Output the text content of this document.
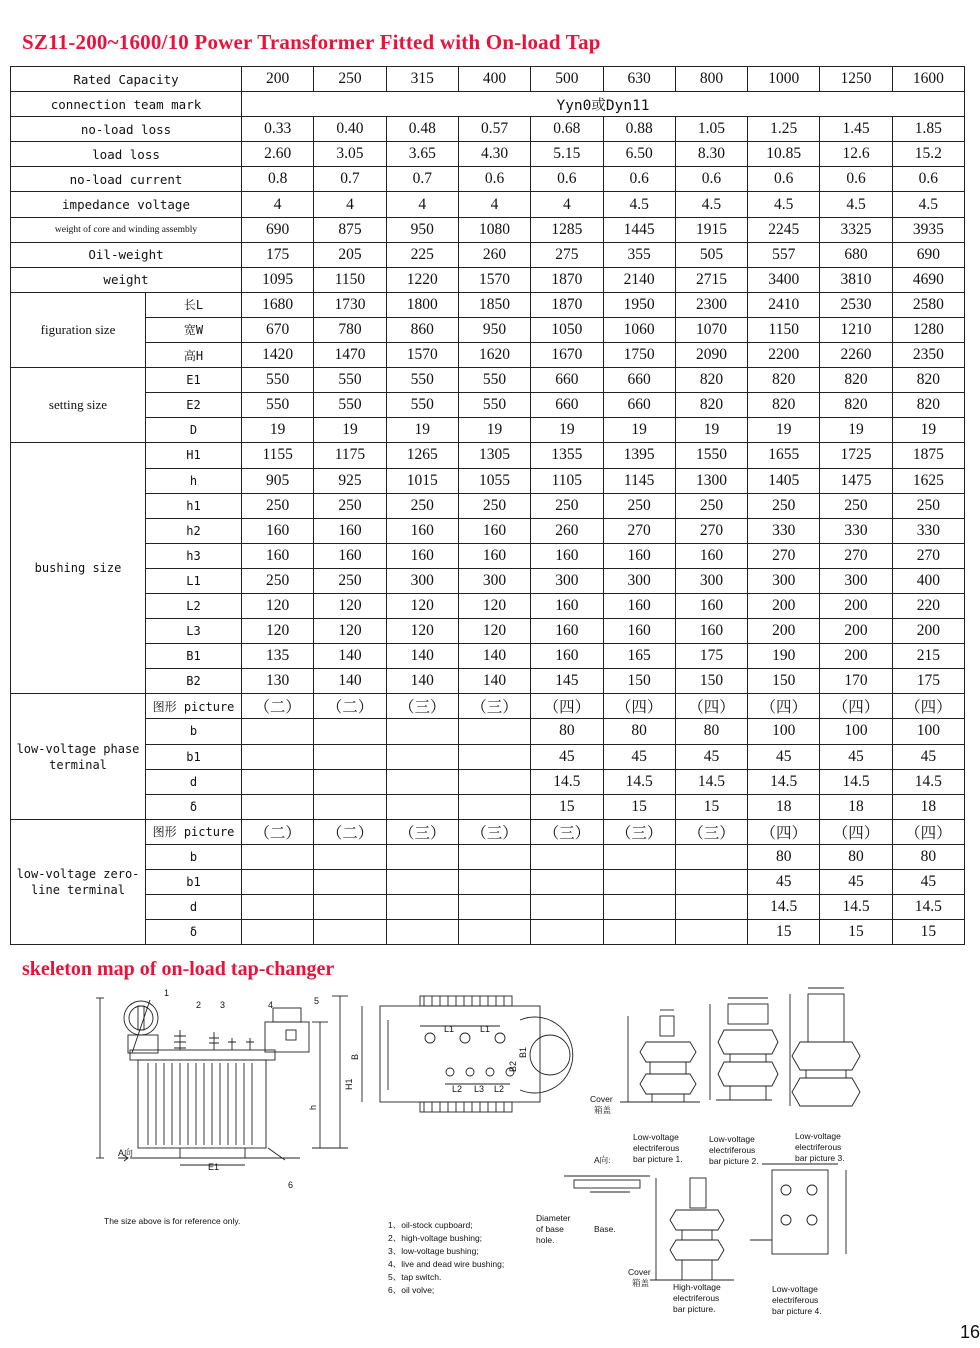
SZ11-200~1600/10 Power Transformer Fitted with On-load Tap
Rated Capacity		200	250	315	400	500	630	800	1000	1250	1600
connection team mark		Yyn0或Dyn11									
no-load loss		0.33	0.40	0.48	0.57	0.68	0.88	1.05	1.25	1.45	1.85
load loss		2.60	3.05	3.65	4.30	5.15	6.50	8.30	10.85	12.6	15.2
no-load current		0.8	0.7	0.7	0.6	0.6	0.6	0.6	0.6	0.6	0.6
impedance voltage		4	4	4	4	4	4.5	4.5	4.5	4.5	4.5
weight of core and winding assembly		690	875	950	1080	1285	1445	1915	2245	3325	3935
Oil-weight		175	205	225	260	275	355	505	557	680	690
weight		1095	1150	1220	1570	1870	2140	2715	3400	3810	4690
figuration size	长L	1680	1730	1800	1850	1870	1950	2300	2410	2530	2580
	宽W	670	780	860	950	1050	1060	1070	1150	1210	1280
	高H	1420	1470	1570	1620	1670	1750	2090	2200	2260	2350
setting size	E1	550	550	550	550	660	660	820	820	820	820
	E2	550	550	550	550	660	660	820	820	820	820
	D	19	19	19	19	19	19	19	19	19	19
bushing size	H1	1155	1175	1265	1305	1355	1395	1550	1655	1725	1875
	h	905	925	1015	1055	1105	1145	1300	1405	1475	1625
	h1	250	250	250	250	250	250	250	250	250	250
	h2	160	160	160	160	260	270	270	330	330	330
	h3	160	160	160	160	160	160	160	270	270	270
	L1	250	250	300	300	300	300	300	300	300	400
	L2	120	120	120	120	160	160	160	200	200	220
	L3	120	120	120	120	160	160	160	200	200	200
	B1	135	140	140	140	160	165	175	190	200	215
	B2	130	140	140	140	145	150	150	150	170	175
low-voltage phase terminal	图形 picture	（二）	（二）	（三）	（三）	（四）	（四）	（四）	（四）	（四）	（四）
	b					80	80	80	100	100	100
	b1					45	45	45	45	45	45
	d					14.5	14.5	14.5	14.5	14.5	14.5
	δ					15	15	15	18	18	18
low-voltage zero-line terminal	图形 picture	（二）	（二）	（三）	（三）	（三）	（三）	（三）	（四）	（四）	（四）
	b								80	80	80
	b1								45	45	45
	d								14.5	14.5	14.5
	δ								15	15	15
skeleton map of on-load tap-changer
1
2 3	4	5
6
H1
h
E1
A向
B
L1	L1
L2 L3 L2
B1
B2
The size above is for reference only.	1、oil-stock cupboard;
2、high-voltage bushing;
3、low-voltage bushing;
4、live and dead wire bushing;
5、tap switch.
6、oil volve;
Cover
箱盖
Low-voltage
electriferous
bar picture 1.
Low-voltage
electriferous
bar picture 2.
Low-voltage
electriferous
bar picture 3.
A向:
Diameter
of base
hole.
Base.
Cover
箱盖	High-voltage
electriferous
bar picture.
Low-voltage
electriferous
bar picture 4.
16
